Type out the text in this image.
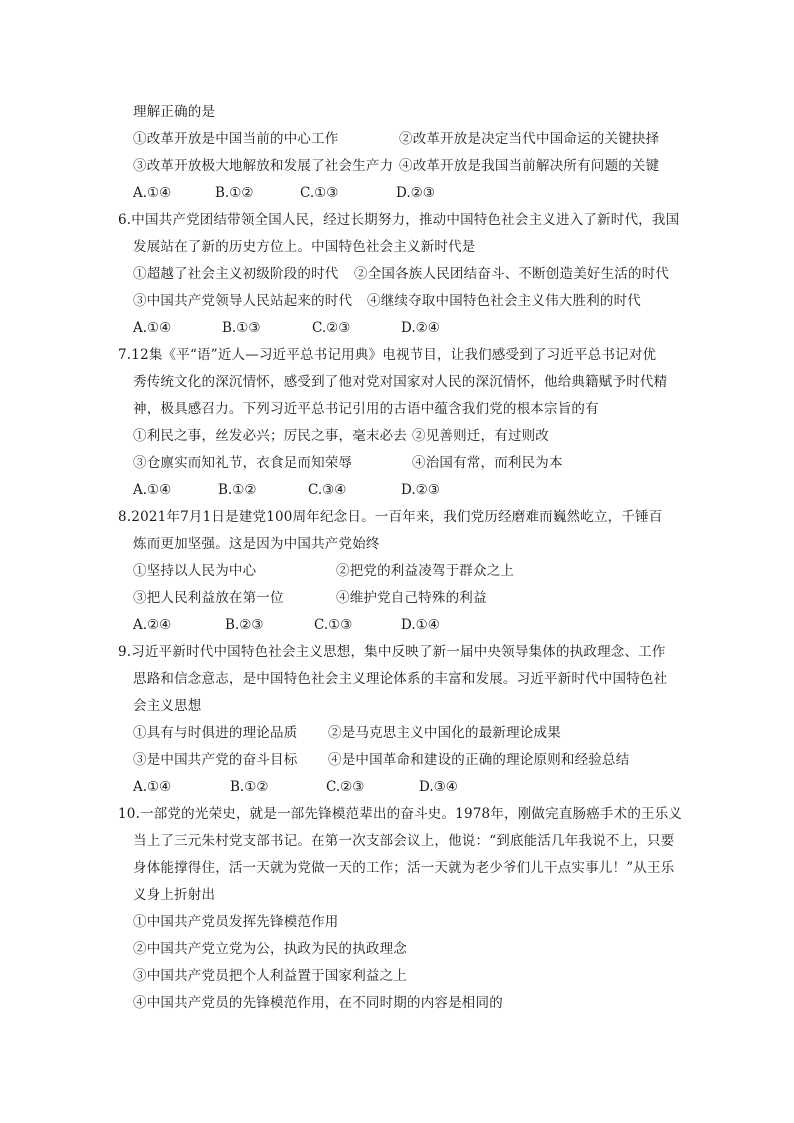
理解正确的是
①改革开放是中国当前的中心工作	②改革开放是决定当代中国命运的关键抉择
③改革开放极大地解放和发展了社会生产力 ④改革开放是我国当前解决所有问题的关键
A.①④	B.①②	C.①③	D.②③
6.中国共产党团结带领全国人民，经过长期努力，推动中国特色社会主义进入了新时代，我国
发展站在了新的历史方位上。中国特色社会主义新时代是
①超越了社会主义初级阶段的时代 ②全国各族人民团结奋斗、不断创造美好生活的时代
③中国共产党领导人民站起来的时代 ④继续夺取中国特色社会主义伟大胜利的时代
A.①④	B.①③	C.②③	D.②④
7.12集《平“语”近人—习近平总书记用典》电视节目，让我们感受到了习近平总书记对优
秀传统文化的深沉情怀，感受到了他对党对国家对人民的深沉情怀，他给典籍赋予时代精
神，极具感召力。下列习近平总书记引用的古语中蕴含我们党的根本宗旨的有
①利民之事，丝发必兴；厉民之事，毫末必去 ②见善则迁，有过则改
③仓廪实而知礼节，衣食足而知荣辱	④治国有常，而利民为本
A.①④	B.①②	C.③④	D.②③
8.2021年7月1日是建党100周年纪念日。一百年来，我们党历经磨难而巍然屹立，千锤百
炼而更加坚强。这是因为中国共产党始终
①坚持以人民为中心	②把党的利益凌驾于群众之上
③把人民利益放在第一位	④维护党自己特殊的利益
A.②④	B.②③	C.①③	D.①④
9.习近平新时代中国特色社会主义思想，集中反映了新一届中央领导集体的执政理念、工作
思路和信念意志，是中国特色社会主义理论体系的丰富和发展。习近平新时代中国特色社
会主义思想
①具有与时俱进的理论品质 ②是马克思主义中国化的最新理论成果
③是中国共产党的奋斗目标 ④是中国革命和建设的正确的理论原则和经验总结
A.①④	B.①②	C.②③	D.③④
10.一部党的光荣史，就是一部先锋模范辈出的奋斗史。1978年，刚做完直肠癌手术的王乐义
当上了三元朱村党支部书记。在第一次支部会议上，他说：“到底能活几年我说不上，只要
身体能撑得住，活一天就为党做一天的工作；活一天就为老少爷们儿干点实事儿！”从王乐
义身上折射出
①中国共产党员发挥先锋模范作用
②中国共产党立党为公，执政为民的执政理念
③中国共产党员把个人利益置于国家利益之上
④中国共产党员的先锋模范作用，在不同时期的内容是相同的
